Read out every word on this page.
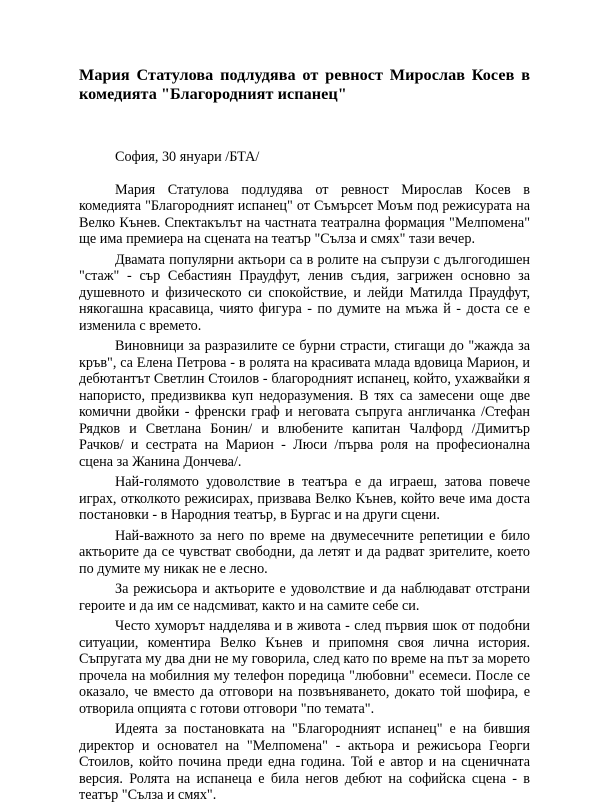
Мария Статулова подлудява от ревност Мирослав Косев в комедията "Благородният испанец"

София, 30 януари /БТА/

Мария Статулова подлудява от ревност Мирослав Косев в комедията "Благородният испанец" от Съмърсет Моъм под режисурата на Велко Кънев. Спектакълът на частната театрална формация "Мелпомена" ще има премиера на сцената на театър "Сълза и смях" тази вечер.

Двамата популярни актьори са в ролите на съпрузи с дългогодишен "стаж" - сър Себастиян Праудфут, ленив съдия, загрижен основно за душевното и физическото си спокойствие, и лейди Матилда Праудфут, някогашна красавица, чиято фигура - по думите на мъжа й - доста се е изменила с времето.

Виновници за разразилите се бурни страсти, стигащи до "жажда за кръв", са Елена Петрова - в ролята на красивата млада вдовица Марион, и дебютантът Светлин Стоилов - благородният испанец, който, ухажвайки я напористо, предизвиква куп недоразумения. В тях са замесени още две комични двойки - френски граф и неговата съпруга англичанка /Стефан Рядков и Светлана Бонин/ и влюбените капитан Чалфорд /Димитър Рачков/ и сестрата на Марион - Люси /първа роля на професионална сцена за Жанина Дончева/.

Най-голямото удоволствие в театъра е да играеш, затова повече играх, отколкото режисирах, призвава Велко Кънев, който вече има доста постановки - в Народния театър, в Бургас и на други сцени.

Най-важното за него по време на двумесечните репетиции е било актьорите да се чувстват свободни, да летят и да радват зрителите, което по думите му никак не е лесно.

За режисьора и актьорите е удоволствие и да наблюдават отстрани героите и да им се надсмиват, както и на самите себе си.

Често хуморът надделява и в живота - след първия шок от подобни ситуации, коментира Велко Кънев и припомня своя лична история. Съпругата му два дни не му говорила, след като по време на път за морето прочела на мобилния му телефон поредица "любовни" есемеси. После се оказало, че вместо да отговори на позвъняването, докато той шофира, е отворила опцията с готови отговори "по темата".

Идеята за постановката на "Благородният испанец" е на бившия директор и основател на "Мелпомена" - актьора и режисьора Георги Стоилов, който почина преди една година. Той е автор и на сценичната версия. Ролята на испанеца е била негов дебют на софийска сцена - в театър "Сълза и смях".
